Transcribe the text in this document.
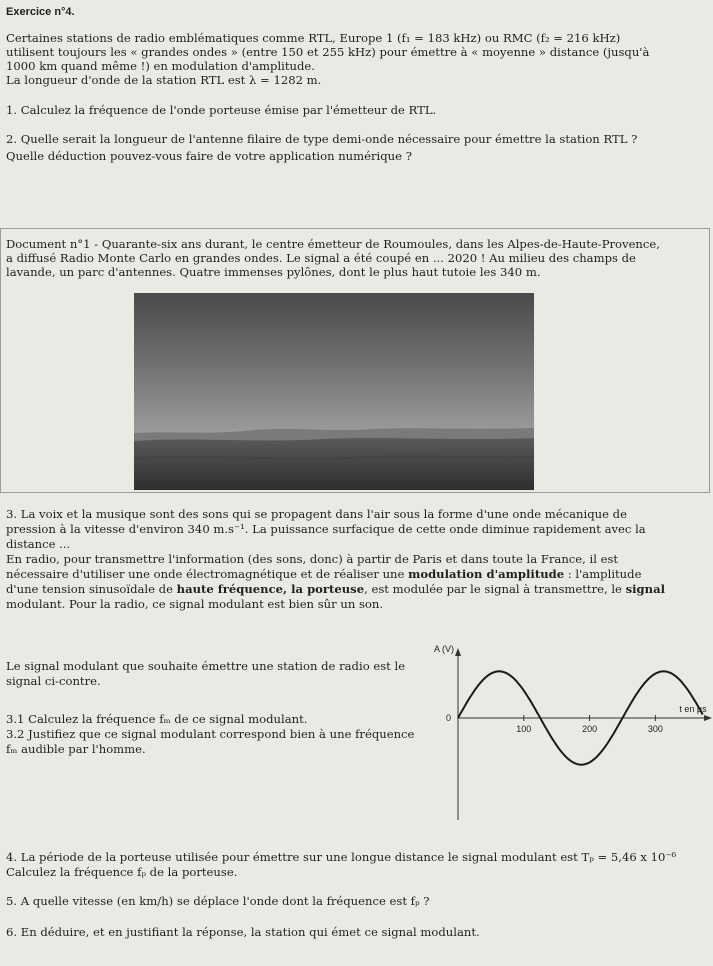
Exercice n°4.
Certaines stations de radio emblématiques comme RTL, Europe 1 (f₁ = 183 kHz) ou RMC (f₂ = 216 kHz)
utilisent toujours les « grandes ondes » (entre 150 et 255 kHz) pour émettre à « moyenne » distance (jusqu'à
1000 km quand même !) en modulation d'amplitude.
La longueur d'onde de la station RTL est λ = 1282 m.
1. Calculez la fréquence de l'onde porteuse émise par l'émetteur de RTL.
2. Quelle serait la longueur de l'antenne filaire de type demi-onde nécessaire pour émettre la station RTL ?
Quelle déduction pouvez-vous faire de votre application numérique ?
Document n°1 - Quarante-six ans durant, le centre émetteur de Roumoules, dans les Alpes-de-Haute-Provence,
a diffusé Radio Monte Carlo en grandes ondes. Le signal a été coupé en ... 2020 ! Au milieu des champs de
lavande, un parc d'antennes. Quatre immenses pylônes, dont le plus haut tutoie les 340 m.
3. La voix et la musique sont des sons qui se propagent dans l'air sous la forme d'une onde mécanique de
pression à la vitesse d'environ 340 m.s⁻¹. La puissance surfacique de cette onde diminue rapidement avec la
distance ...
En radio, pour transmettre l'information (des sons, donc) à partir de Paris et dans toute la France, il est
nécessaire d'utiliser une onde électromagnétique et de réaliser une modulation d'amplitude : l'amplitude
d'une tension sinusoïdale de haute fréquence, la porteuse, est modulée par le signal à transmettre, le signal
modulant. Pour la radio, ce signal modulant est bien sûr un son.
Le signal modulant que souhaite émettre une station de radio est le
signal ci-contre.
3.1 Calculez la fréquence fₘ de ce signal modulant.
3.2 Justifiez que ce signal modulant correspond bien à une fréquence
fₘ audible par l'homme.
A (V)
t en µs
0
100	200	300
4. La période de la porteuse utilisée pour émettre sur une longue distance le signal modulant est Tₚ = 5,46 x 10⁻⁶
Calculez la fréquence fₚ de la porteuse.
5. A quelle vitesse (en km/h) se déplace l'onde dont la fréquence est fₚ ?
6. En déduire, et en justifiant la réponse, la station qui émet ce signal modulant.
